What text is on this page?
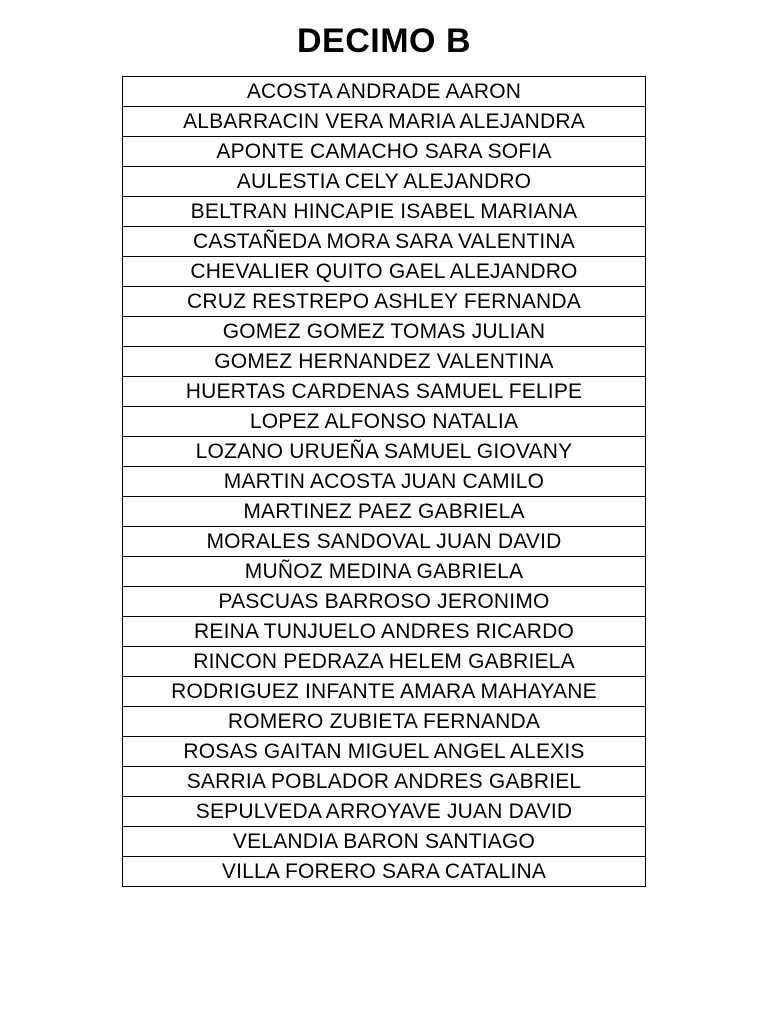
DECIMO B
ACOSTA ANDRADE AARON
ALBARRACIN VERA MARIA ALEJANDRA
APONTE CAMACHO SARA SOFIA
AULESTIA CELY ALEJANDRO
BELTRAN HINCAPIE ISABEL MARIANA
CASTAÑEDA MORA SARA VALENTINA
CHEVALIER QUITO GAEL ALEJANDRO
CRUZ RESTREPO ASHLEY FERNANDA
GOMEZ GOMEZ TOMAS JULIAN
GOMEZ HERNANDEZ VALENTINA
HUERTAS CARDENAS SAMUEL FELIPE
LOPEZ ALFONSO NATALIA
LOZANO URUEÑA SAMUEL GIOVANY
MARTIN ACOSTA JUAN CAMILO
MARTINEZ PAEZ GABRIELA
MORALES SANDOVAL JUAN DAVID
MUÑOZ MEDINA GABRIELA
PASCUAS BARROSO JERONIMO
REINA TUNJUELO ANDRES RICARDO
RINCON PEDRAZA HELEM GABRIELA
RODRIGUEZ INFANTE AMARA MAHAYANE
ROMERO ZUBIETA FERNANDA
ROSAS GAITAN MIGUEL ANGEL ALEXIS
SARRIA POBLADOR ANDRES GABRIEL
SEPULVEDA ARROYAVE JUAN DAVID
VELANDIA BARON SANTIAGO
VILLA FORERO SARA CATALINA
